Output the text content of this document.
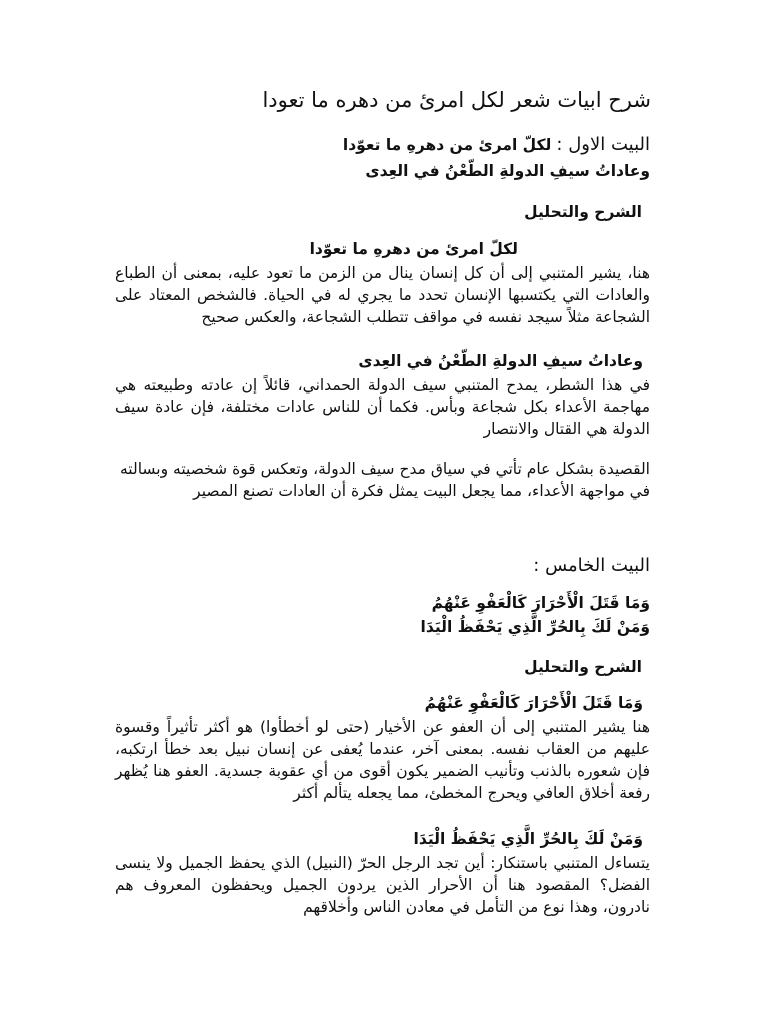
شرح ابيات شعر لكل امرئ من دهره ما تعودا
البيت الاول : لكلّ امرئ من دهرهِ ما تعوّدا

وعاداتُ سيفِ الدولةِ الطّعْنُ في العِدى

الشرح والتحليل

لكلّ امرئ من دهرهِ ما تعوّدا

هنا، يشير المتنبي إلى أن كل إنسان ينال من الزمن ما تعود عليه، بمعنى أن الطباع والعادات التي يكتسبها الإنسان تحدد ما يجري له في الحياة. فالشخص المعتاد على الشجاعة مثلاً سيجد نفسه في مواقف تتطلب الشجاعة، والعكس صحيح

وعاداتُ سيفِ الدولةِ الطّعْنُ في العِدى

في هذا الشطر، يمدح المتنبي سيف الدولة الحمداني، قائلاً إن عادته وطبيعته هي مهاجمة الأعداء بكل شجاعة وبأس. فكما أن للناس عادات مختلفة، فإن عادة سيف الدولة هي القتال والانتصار

القصيدة بشكل عام تأتي في سياق مدح سيف الدولة، وتعكس قوة شخصيته وبسالته في مواجهة الأعداء، مما يجعل البيت يمثل فكرة أن العادات تصنع المصير

البيت الخامس :

وَمَا قَتَلَ الْأَحْرَارَ كَالْعَفْوِ عَنْهُمُ

وَمَنْ لَكَ بِالحُرِّ الَّذِي يَحْفَظُ الْيَدَا

الشرح والتحليل

وَمَا قَتَلَ الْأَحْرَارَ كَالْعَفْوِ عَنْهُمُ

هنا يشير المتنبي إلى أن العفو عن الأخيار (حتى لو أخطأوا) هو أكثر تأثيراً وقسوة عليهم من العقاب نفسه. بمعنى آخر، عندما يُعفى عن إنسان نبيل بعد خطأ ارتكبه، فإن شعوره بالذنب وتأنيب الضمير يكون أقوى من أي عقوبة جسدية. العفو هنا يُظهر رفعة أخلاق العافي ويحرج المخطئ، مما يجعله يتألم أكثر

وَمَنْ لَكَ بِالحُرِّ الَّذِي يَحْفَظُ الْيَدَا

يتساءل المتنبي باستنكار: أين تجد الرجل الحرّ (النبيل) الذي يحفظ الجميل ولا ينسى الفضل؟ المقصود هنا أن الأحرار الذين يردون الجميل ويحفظون المعروف هم نادرون، وهذا نوع من التأمل في معادن الناس وأخلاقهم
